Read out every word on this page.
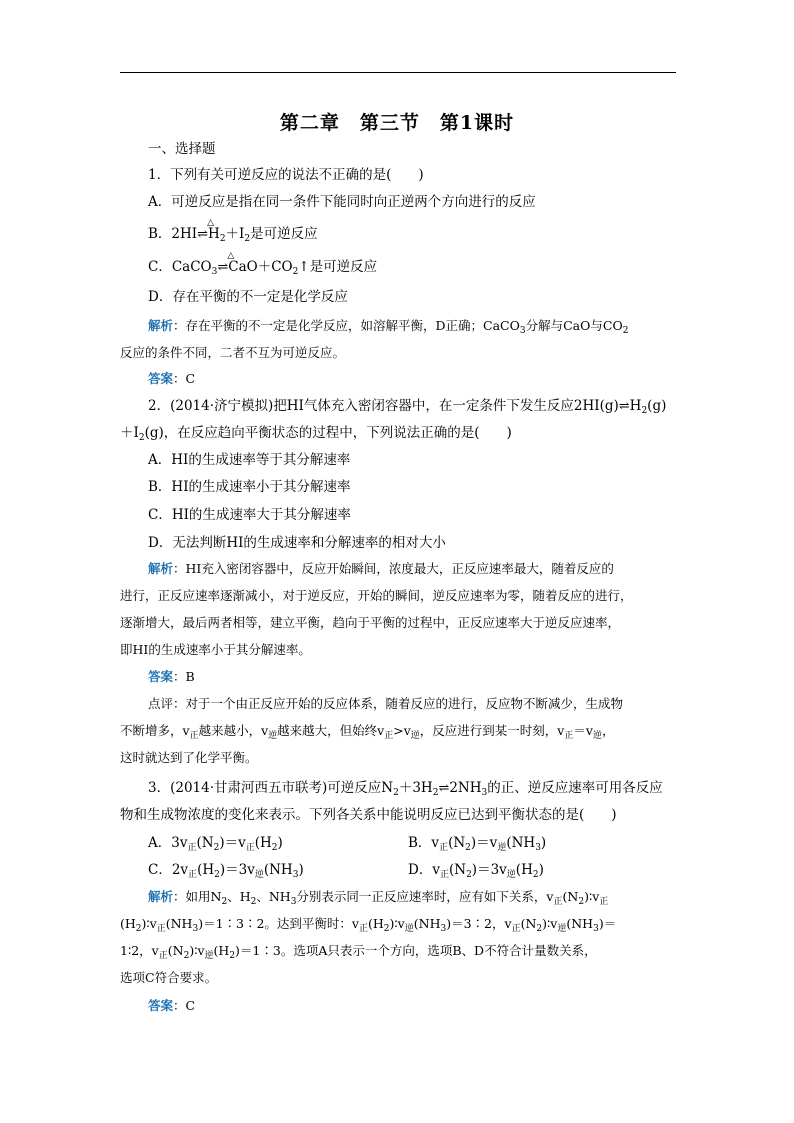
第二章　第三节　第1课时
一、选择题
1．下列有关可逆反应的说法不正确的是(　　)
A．可逆反应是指在同一条件下能同时向正逆两个方向进行的反应
B．2HI
△
$\rightleftharpoons H_2+I_2$是可逆反应
C．CaCO$_3$
△
$\rightleftharpoons CaO+CO_2↑$是可逆反应
D．存在平衡的不一定是化学反应
解析：存在平衡的不一定是化学反应，如溶解平衡，D正确；CaCO$_3$分解与CaO与$CO_2$
反应的条件不同，二者不互为可逆反应。
答案：C
2．(2014·济宁模拟)把HI气体充入密闭容器中，在一定条件下发生反应$2HI(g)\rightleftharpoons H_2(g)$
$+I_2(g)$，在反应趋向平衡状态的过程中，下列说法正确的是(　　)
A．HI的生成速率等于其分解速率
B．HI的生成速率小于其分解速率
C．HI的生成速率大于其分解速率
D．无法判断HI的生成速率和分解速率的相对大小
解析：HI充入密闭容器中，反应开始瞬间，浓度最大，正反应速率最大，随着反应的
进行，正反应速率逐渐减小，对于逆反应，开始的瞬间，逆反应速率为零，随着反应的进行，
逐渐增大，最后两者相等，建立平衡，趋向于平衡的过程中，正反应速率大于逆反应速率，
即HI的生成速率小于其分解速率。
答案：B
点评：对于一个由正反应开始的反应体系，随着反应的进行，反应物不断减少，生成物
不断增多，$v_正$越来越小，$v_逆$越来越大，但始终$v_正>v_逆$，反应进行到某一时刻，$v_正=v_逆$，
这时就达到了化学平衡。
3．(2014·甘肃河西五市联考)可逆反应$N_2+3H_2\rightleftharpoons 2NH_3$的正、逆反应速率可用各反应
物和生成物浓度的变化来表示。下列各关系中能说明反应已达到平衡状态的是(　　)
A．$3v_正(N_2)=v_正(H_2)$	B．$v_正(N_2)=v_逆(NH_3)$
C．$2v_正(H_2)=3v_逆(NH_3)$	D．$v_正(N_2)=3v_逆(H_2)$
解析：如用$N_2$、$H_2$、$NH_3$分别表示同一正反应速率时，应有如下关系，$v_正(N_2)∶v_正$
$(H_2)∶v_正(NH_3)=1∶3∶2$。达到平衡时：$v_正(H_2)∶v_逆(NH_3)=3∶2$，$v_正(N_2)∶v_逆(NH_3)=$
1∶2，$v_正(N_2)∶v_逆(H_2)=1∶3$。选项A只表示一个方向，选项B、D不符合计量数关系，
选项C符合要求。
答案：C
